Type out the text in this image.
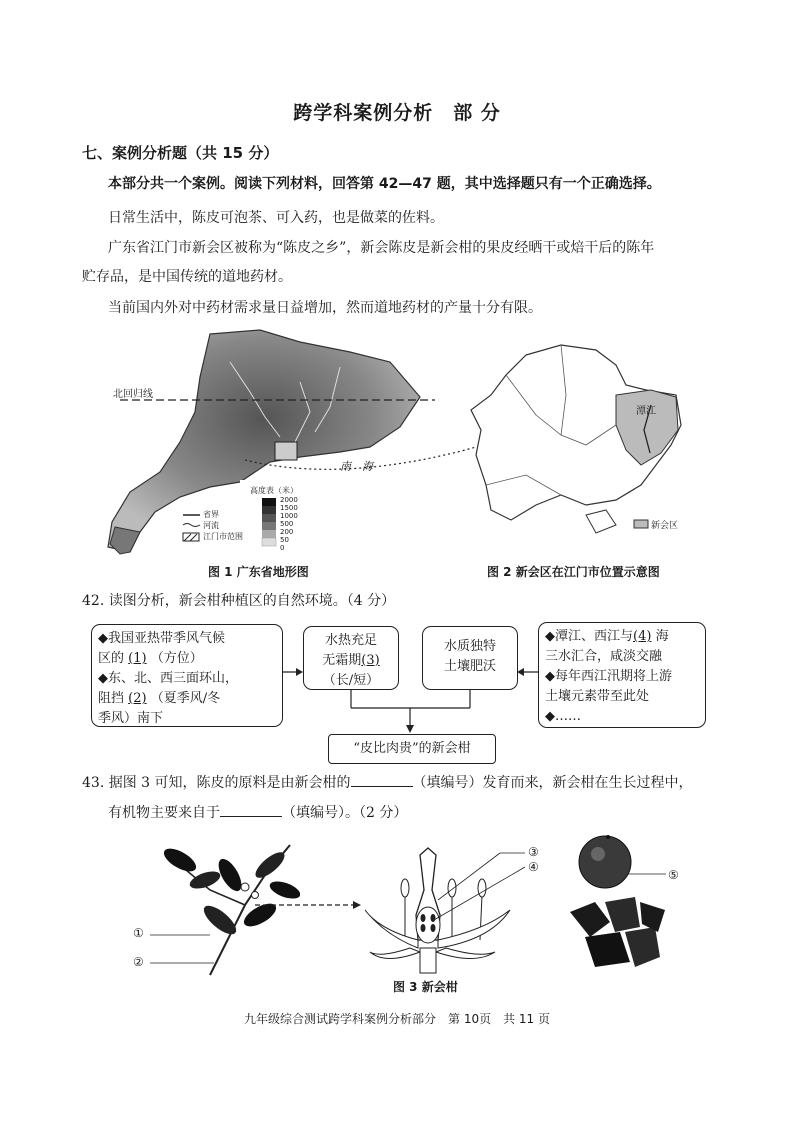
跨学科案例分析　部 分
七、案例分析题（共 15 分）
本部分共一个案例。阅读下列材料，回答第 42—47 题，其中选择题只有一个正确选择。
日常生活中，陈皮可泡茶、可入药，也是做菜的佐料。
广东省江门市新会区被称为“陈皮之乡”，新会陈皮是新会柑的果皮经晒干或焙干后的陈年
贮存品，是中国传统的道地药材。
当前国内外对中药材需求量日益增加，然而道地药材的产量十分有限。
北回归线
南　海
高度表（米）
2000
1500
1000
500
200
50
0
省界
河流
江门市范围
潭江
新会区
图 1 广东省地形图	图 2 新会区在江门市位置示意图
42. 读图分析，新会柑种植区的自然环境。（4 分）
◆我国亚热带季风气候
区的 (1) （方位）
◆东、北、西三面环山，
阻挡 (2) （夏季风/冬
季风）南下
水热充足
无霜期(3)
（长/短）
水质独特
土壤肥沃
◆潭江、西江与(4) 海
三水汇合，咸淡交融
◆每年西江汛期将上游
土壤元素带至此处
◆……
“皮比肉贵”的新会柑
43. 据图 3 可知，陈皮的原料是由新会柑的	（填编号）发育而来，新会柑在生长过程中，
有机物主要来自于	（填编号）。（2 分）
①
②
③
④
⑤
图 3 新会柑
九年级综合测试跨学科案例分析部分　第 10页　共 11 页
